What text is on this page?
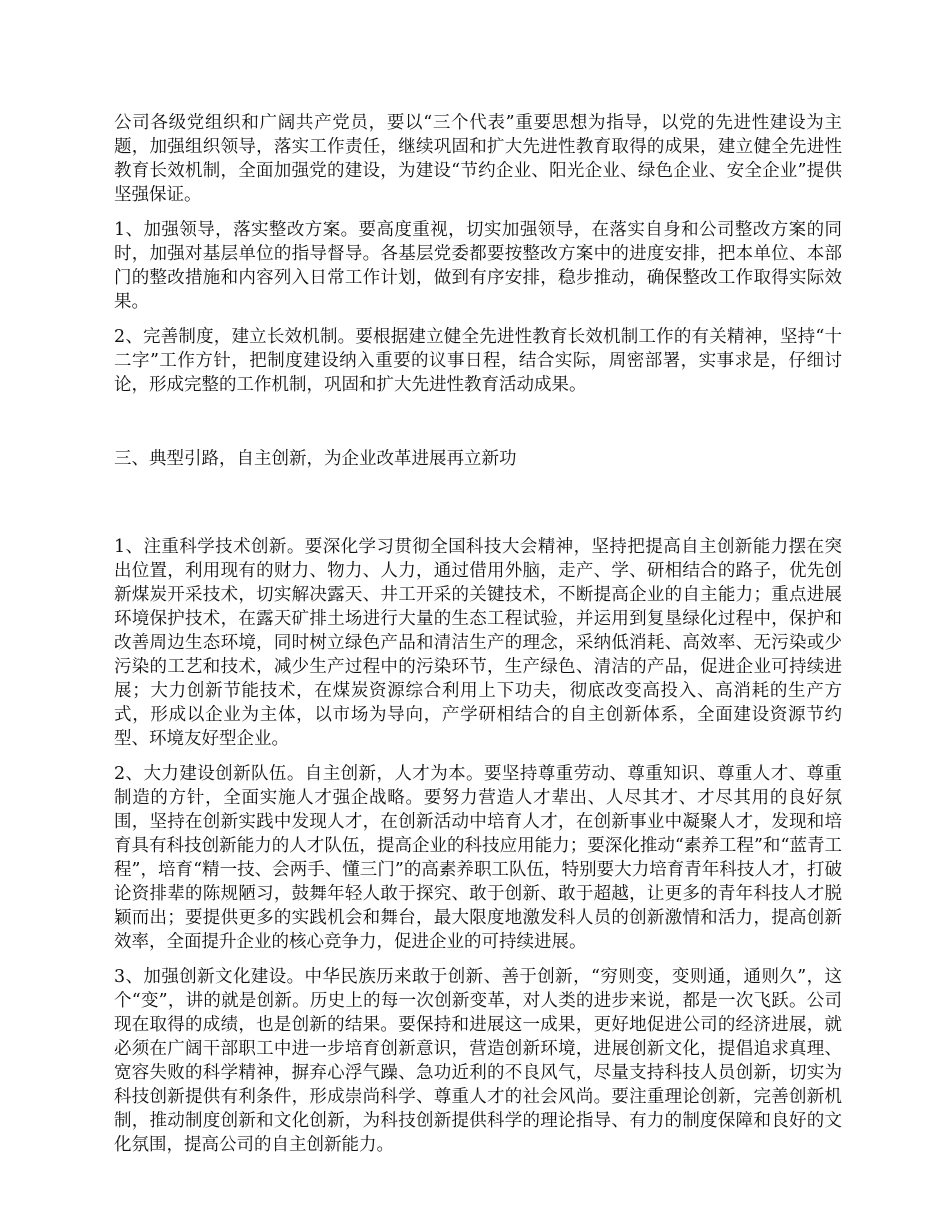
公司各级党组织和广阔共产党员，要以“三个代表”重要思想为指导，以党的先进性建设为主题，加强组织领导，落实工作责任，继续巩固和扩大先进性教育取得的成果，建立健全先进性教育长效机制，全面加强党的建设，为建设“节约企业、阳光企业、绿色企业、安全企业”提供坚强保证。

1、加强领导，落实整改方案。要高度重视，切实加强领导，在落实自身和公司整改方案的同时，加强对基层单位的指导督导。各基层党委都要按整改方案中的进度安排，把本单位、本部门的整改措施和内容列入日常工作计划，做到有序安排，稳步推动，确保整改工作取得实际效果。

2、完善制度，建立长效机制。要根据建立健全先进性教育长效机制工作的有关精神，坚持“十二字”工作方针，把制度建设纳入重要的议事日程，结合实际，周密部署，实事求是，仔细讨论，形成完整的工作机制，巩固和扩大先进性教育活动成果。

三、典型引路，自主创新，为企业改革进展再立新功

1、注重科学技术创新。要深化学习贯彻全国科技大会精神，坚持把提高自主创新能力摆在突出位置，利用现有的财力、物力、人力，通过借用外脑，走产、学、研相结合的路子，优先创新煤炭开采技术，切实解决露天、井工开采的关键技术，不断提高企业的自主能力；重点进展环境保护技术，在露天矿排土场进行大量的生态工程试验，并运用到复垦绿化过程中，保护和改善周边生态环境，同时树立绿色产品和清洁生产的理念，采纳低消耗、高效率、无污染或少污染的工艺和技术，减少生产过程中的污染环节，生产绿色、清洁的产品，促进企业可持续进展；大力创新节能技术，在煤炭资源综合利用上下功夫，彻底改变高投入、高消耗的生产方式，形成以企业为主体，以市场为导向，产学研相结合的自主创新体系，全面建设资源节约型、环境友好型企业。

2、大力建设创新队伍。自主创新，人才为本。要坚持尊重劳动、尊重知识、尊重人才、尊重制造的方针，全面实施人才强企战略。要努力营造人才辈出、人尽其才、才尽其用的良好氛围，坚持在创新实践中发现人才，在创新活动中培育人才，在创新事业中凝聚人才，发现和培育具有科技创新能力的人才队伍，提高企业的科技应用能力；要深化推动“素养工程”和“蓝青工程”，培育“精一技、会两手、懂三门”的高素养职工队伍，特别要大力培育青年科技人才，打破论资排辈的陈规陋习，鼓舞年轻人敢于探究、敢于创新、敢于超越，让更多的青年科技人才脱颖而出；要提供更多的实践机会和舞台，最大限度地激发科人员的创新激情和活力，提高创新效率，全面提升企业的核心竞争力，促进企业的可持续进展。

3、加强创新文化建设。中华民族历来敢于创新、善于创新，“穷则变，变则通，通则久”，这个“变”，讲的就是创新。历史上的每一次创新变革，对人类的进步来说，都是一次飞跃。公司现在取得的成绩，也是创新的结果。要保持和进展这一成果，更好地促进公司的经济进展，就必须在广阔干部职工中进一步培育创新意识，营造创新环境，进展创新文化，提倡追求真理、宽容失败的科学精神，摒弃心浮气躁、急功近利的不良风气，尽量支持科技人员创新，切实为科技创新提供有利条件，形成崇尚科学、尊重人才的社会风尚。要注重理论创新，完善创新机制，推动制度创新和文化创新，为科技创新提供科学的理论指导、有力的制度保障和良好的文化氛围，提高公司的自主创新能力。
